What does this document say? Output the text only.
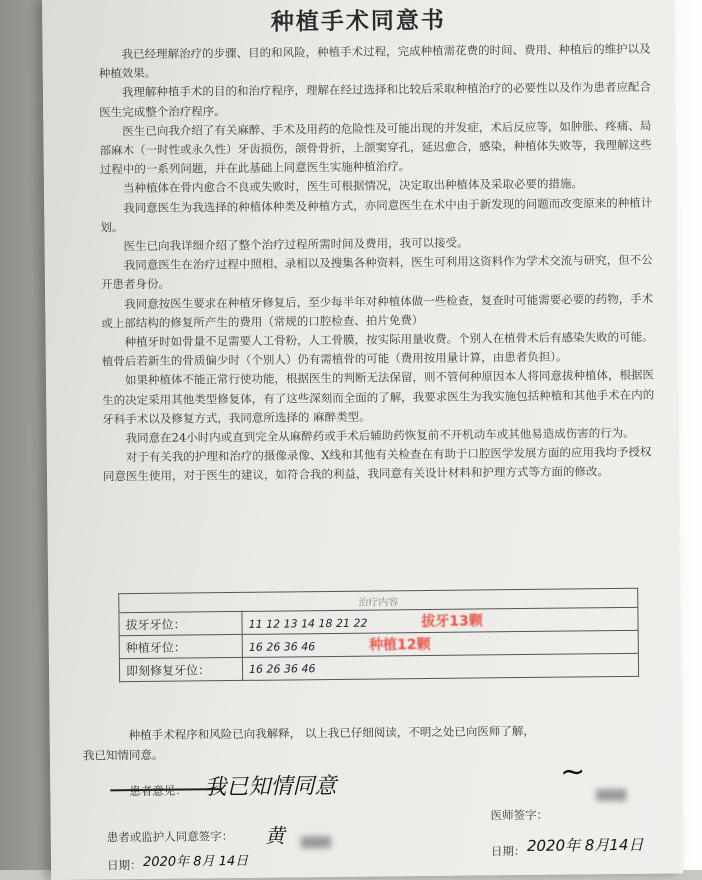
种植手术同意书

我已经理解治疗的步骤、目的和风险，种植手术过程，完成种植需花费的时间、费用、种植后的维护以及种植效果。

我理解种植手术的目的和治疗程序，理解在经过选择和比较后采取种植治疗的必要性以及作为患者应配合医生完成整个治疗程序。

医生已向我介绍了有关麻醉、手术及用药的危险性及可能出现的并发症，术后反应等，如肿胀、疼痛、局部麻木（一时性或永久性）牙齿损伤，颌骨骨折，上颌窦穿孔，延迟愈合，感染，种植体失败等，我理解这些过程中的一系列问题，并在此基础上同意医生实施种植治疗。

当种植体在骨内愈合不良或失败时，医生可根据情况，决定取出种植体及采取必要的措施。

我同意医生为我选择的种植体种类及种植方式，亦同意医生在术中由于新发现的问题而改变原来的种植计划。

医生已向我详细介绍了整个治疗过程所需时间及费用，我可以接受。

我同意医生在治疗过程中照相、录相以及搜集各种资料，医生可利用这资料作为学术交流与研究，但不公开患者身份。

我同意按医生要求在种植牙修复后，至少每半年对种植体做一些检查，复查时可能需要必要的药物，手术或上部结构的修复所产生的费用（常规的口腔检查、拍片免费）

种植牙时如骨量不足需要人工骨粉，人工骨膜，按实际用量收费。个别人在植骨术后有感染失败的可能。植骨后若新生的骨质偏少时（个别人）仍有需植骨的可能（费用按用量计算，由患者负担）。

如果种植体不能正常行使功能，根据医生的判断无法保留，则不管何种原因本人将同意拔种植体，根据医生的决定采用其他类型修复体，有了这些深刻而全面的了解，我要求医生为我实施包括种植和其他手术在内的牙科手术以及修复方式，我同意所选择的 麻醉类型。

我同意在24小时内或直到完全从麻醉药或手术后辅助药恢复前不开机动车或其他易造成伤害的行为。

对于有关我的护理和治疗的摄像录像、X线和其他有关检查在有助于口腔医学发展方面的应用我均予授权同意医生使用，对于医生的建议，如符合我的利益，我同意有关设计材料和护理方式等方面的修改。

治疗内容	
拔牙牙位：	11 12 13 14 18 21 22 拔牙13颗
种植牙位：	16 26 36 46 种植12颗
即刻修复牙位：	16 26 36 46
种植手术程序和风险已向我解释， 以上我已仔细阅读，不明之处已向医师了解，
我已知情同意。
患者意见： 我已知情同意
医师签字：
~
患者或监护人同意签字： 黄
日期： 2020年 8月14日
日期： 2020年 8月 14日
